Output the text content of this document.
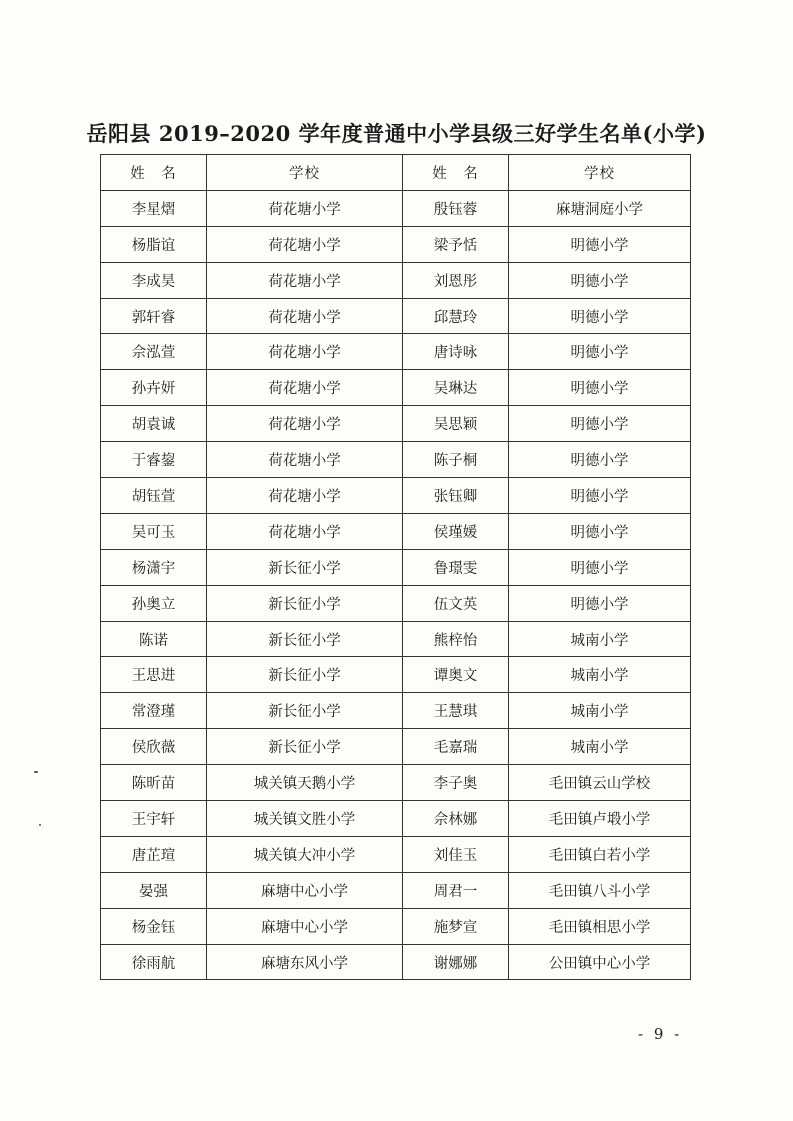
岳阳县 2019–2020 学年度普通中小学县级三好学生名单(小学)
姓　名	学校	姓　名	学校
李星熠	荷花塘小学	殷钰蓉	麻塘洞庭小学
杨脂谊	荷花塘小学	梁予恬	明德小学
李成昊	荷花塘小学	刘恩彤	明德小学
郭轩睿	荷花塘小学	邱慧玲	明德小学
佘泓萱	荷花塘小学	唐诗咏	明德小学
孙卉妍	荷花塘小学	吴琳达	明德小学
胡袁诚	荷花塘小学	吴思颖	明德小学
于睿鋆	荷花塘小学	陈子桐	明德小学
胡钰萱	荷花塘小学	张钰卿	明德小学
吴可玉	荷花塘小学	侯瑾媛	明德小学
杨潇宇	新长征小学	鲁璟雯	明德小学
孙奥立	新长征小学	伍文英	明德小学
陈诺	新长征小学	熊梓怡	城南小学
王思进	新长征小学	谭奥文	城南小学
常澄瑾	新长征小学	王慧琪	城南小学
侯欣薇	新长征小学	毛嘉瑞	城南小学
陈昕苗	城关镇天鹅小学	李子奥	毛田镇云山学校
王宇轩	城关镇文胜小学	佘林娜	毛田镇卢塅小学
唐芷瑄	城关镇大冲小学	刘佳玉	毛田镇白若小学
晏强	麻塘中心小学	周君一	毛田镇八斗小学
杨金钰	麻塘中心小学	施梦宣	毛田镇相思小学
徐雨航	麻塘东风小学	谢娜娜	公田镇中心小学
- 9 -
